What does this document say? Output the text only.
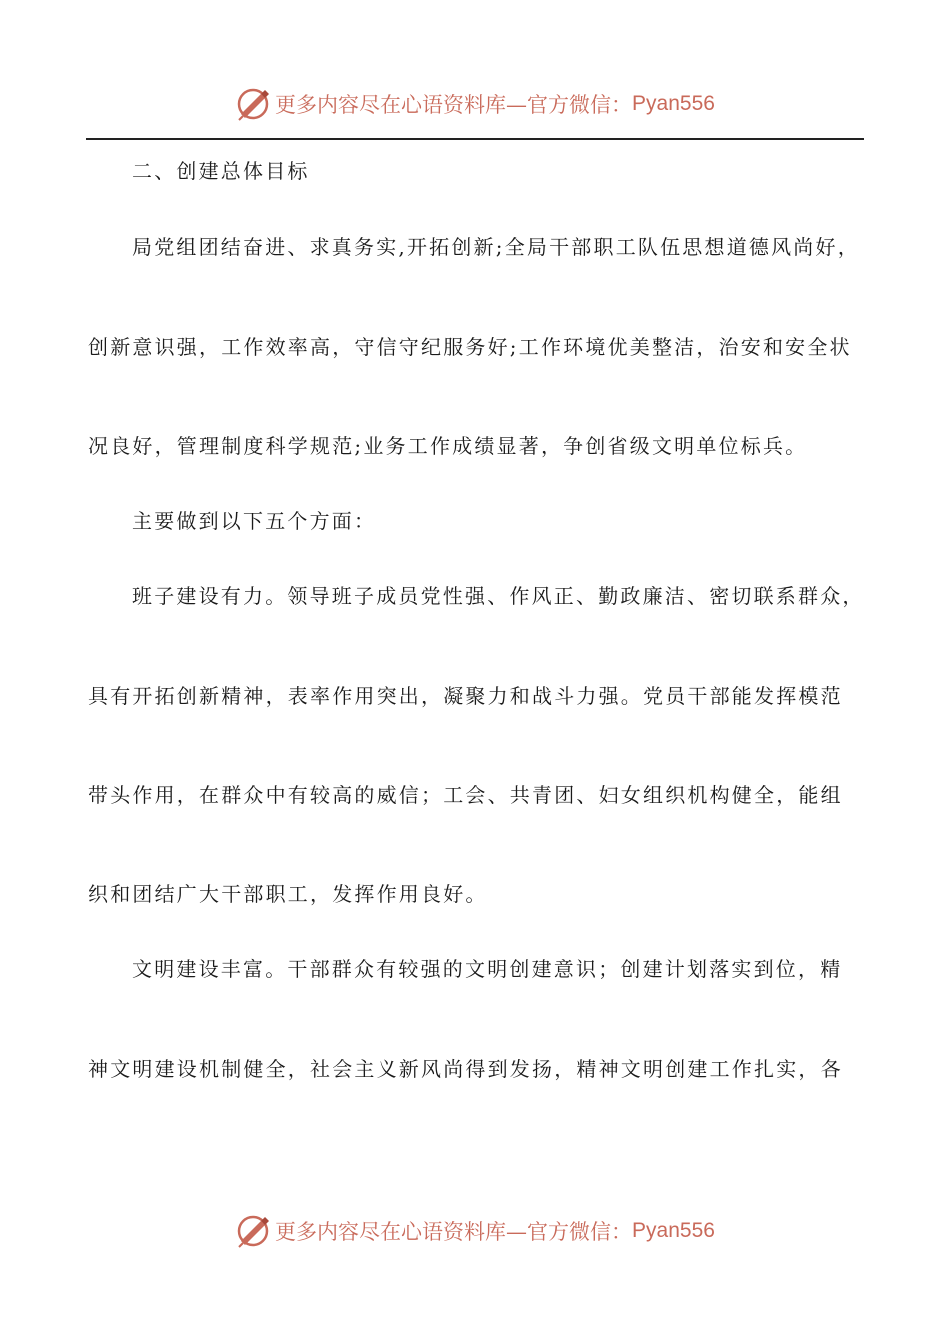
更多内容尽在心语资料库—官方微信： Pyan556
二、创建总体目标
局党组团结奋进、求真务实,开拓创新;全局干部职工队伍思想道德风尚好，
创新意识强，工作效率高，守信守纪服务好;工作环境优美整洁，治安和安全状
况良好，管理制度科学规范;业务工作成绩显著，争创省级文明单位标兵。
主要做到以下五个方面：
班子建设有力。领导班子成员党性强、作风正、勤政廉洁、密切联系群众，
具有开拓创新精神，表率作用突出，凝聚力和战斗力强。党员干部能发挥模范
带头作用，在群众中有较高的威信；工会、共青团、妇女组织机构健全，能组
织和团结广大干部职工，发挥作用良好。
文明建设丰富。干部群众有较强的文明创建意识；创建计划落实到位，精
神文明建设机制健全，社会主义新风尚得到发扬，精神文明创建工作扎实，各
更多内容尽在心语资料库—官方微信： Pyan556
